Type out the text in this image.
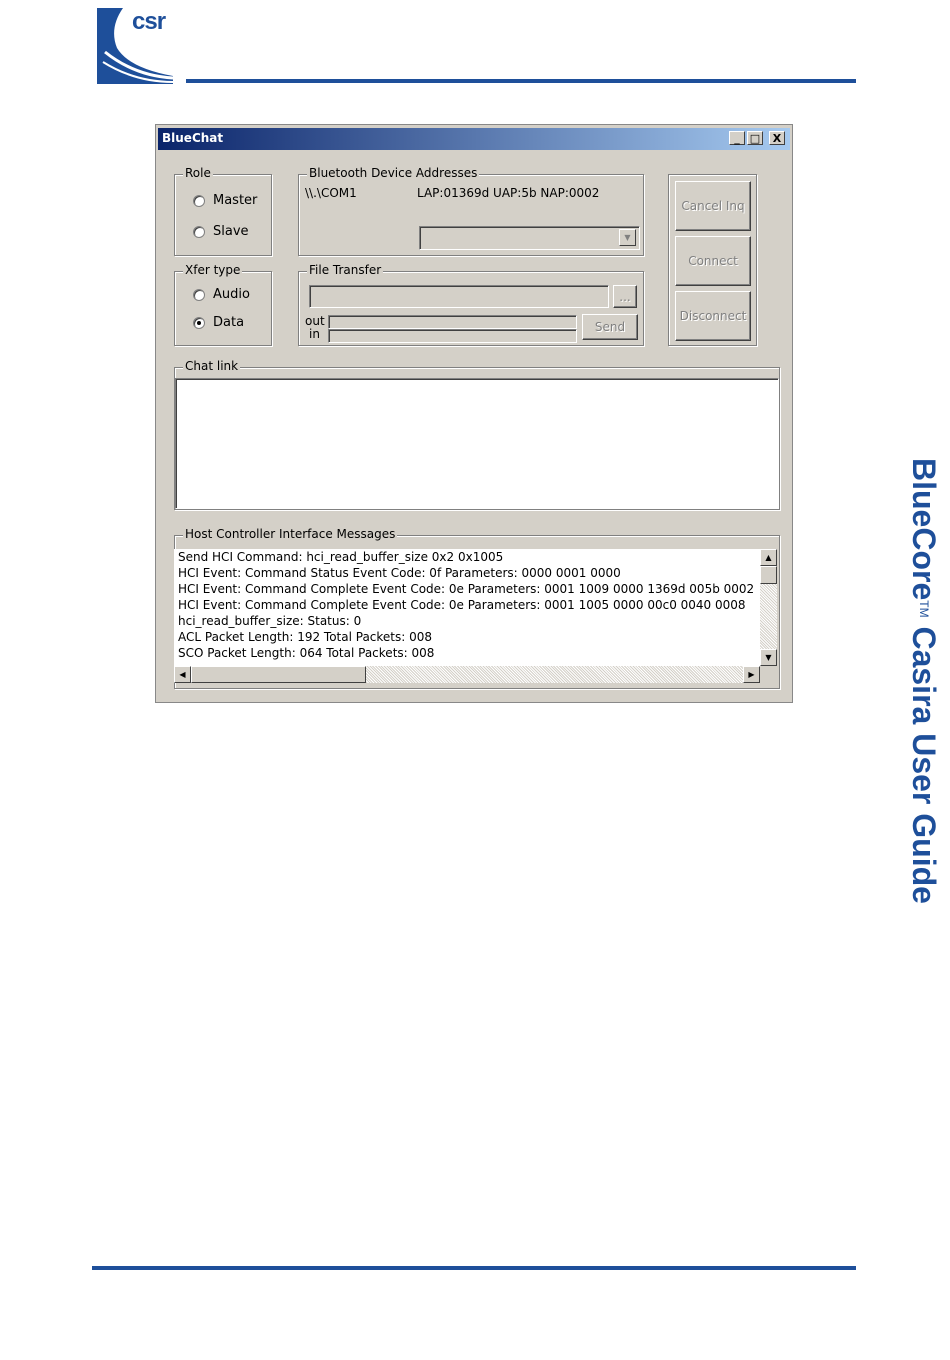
csr
BlueCoreTM Casira User Guide
BlueChat	_ □	X
Role
Master
Slave
Xfer type
Audio
Data
Bluetooth Device Addresses
\\.\COM1	LAP:01369d UAP:5b NAP:0002
▼
File Transfer
...
out
in	Send
Cancel Inq
Connect
Disconnect
Chat link
Host Controller Interface Messages
Send HCI Command: hci_read_buffer_size 0x2 0x1005
HCI Event: Command Status Event Code: 0f Parameters: 0000 0001 0000
HCI Event: Command Complete Event Code: 0e Parameters: 0001 1009 0000 1369d 005b 0002
HCI Event: Command Complete Event Code: 0e Parameters: 0001 1005 0000 00c0 0040 0008
hci_read_buffer_size: Status: 0
ACL Packet Length: 192 Total Packets: 008
SCO Packet Length: 064 Total Packets: 008
▲
▼
◀	▶
